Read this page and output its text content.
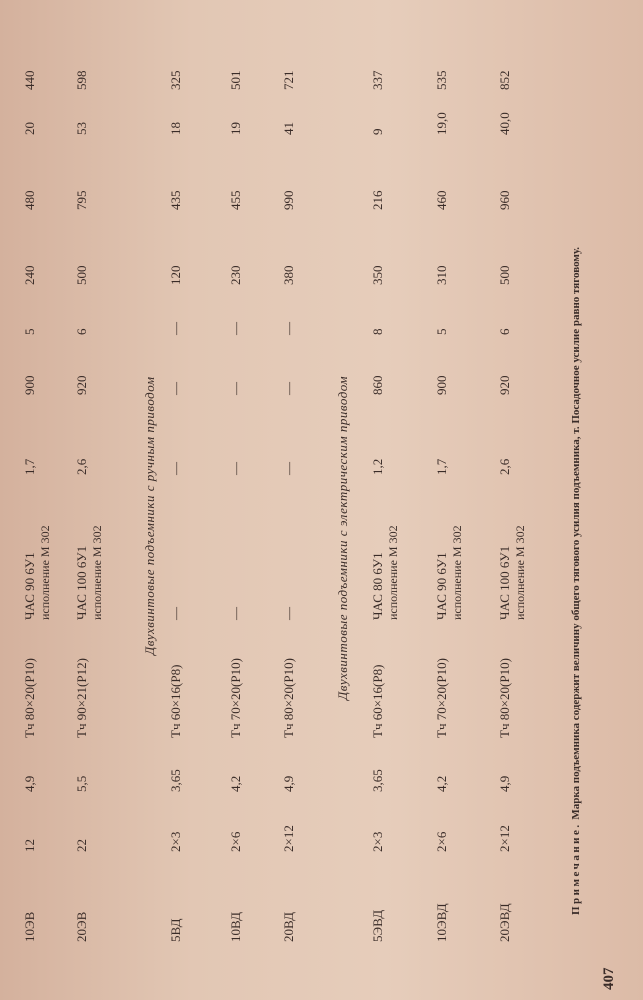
Двухвинтовые подъемники с ручным приводом	Двухвинтовые подъемники с электрическим приводом
Примечание. Марка подъемника содержит величину общего тягового усилия подъемника, т. Посадочное усилие равно тяговому.
407
10ЭВ
12
4,9
Тч 80×20(P10)
ЧАС 90 6У1
1,7
900
5
240
480
20
440
исполнение М 302
20ЭВ
22
5,5
Тч 90×21(P12)
ЧАС 100 6У1
2,6
920
6
500
795
53
598
исполнение М 302
5ВД
2×3
3,65
Тч 60×16(P8)
—
—
—
—
120
435
18
325
10ВД
2×6
4,2
Тч 70×20(P10)
—
—
—
—
230
455
19
501
20ВД
2×12
4,9
Тч 80×20(P10)
—
—
—
—
380
990
41
721
5ЭВД
2×3
3,65
Тч 60×16(P8)
ЧАС 80 6У1
1,2
860
8
350
216
9
337
исполнение М 302
10ЭВД
2×6
4,2
Тч 70×20(P10)
ЧАС 90 6У1
1,7
900
5
310
460
19,0
535
исполнение М 302
20ЭВД
2×12
4,9
Тч 80×20(P10)
ЧАС 100 6У1
2,6
920
6
500
960
40,0
852
исполнение М 302
